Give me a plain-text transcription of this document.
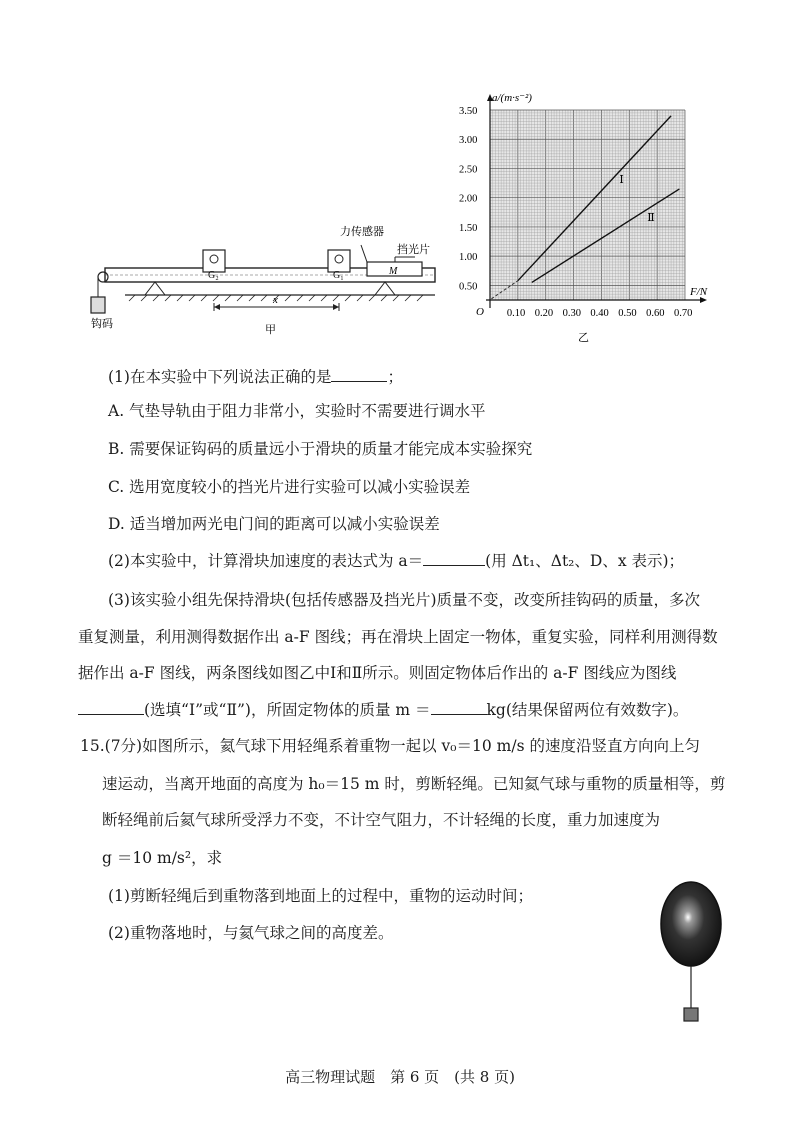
G₂	G₁	M
力传感器
挡光片
钩码
x
甲
0.10 0.20 0.30 0.40 0.50 0.60 0.70
0.50
1.00
1.50
2.00
2.50
3.00
3.50
Ⅰ
Ⅱ
a/(m·s⁻²)
F/N
O
乙
(1)在本实验中下列说法正确的是	；
A. 气垫导轨由于阻力非常小，实验时不需要进行调水平
B. 需要保证钩码的质量远小于滑块的质量才能完成本实验探究
C. 选用宽度较小的挡光片进行实验可以减小实验误差
D. 适当增加两光电门间的距离可以减小实验误差
(2)本实验中，计算滑块加速度的表达式为 a＝	(用 Δt₁、Δt₂、D、x 表示)；
(3)该实验小组先保持滑块(包括传感器及挡光片)质量不变，改变所挂钩码的质量，多次
重复测量，利用测得数据作出 a-F 图线；再在滑块上固定一物体，重复实验，同样利用测得数
据作出 a-F 图线，两条图线如图乙中Ⅰ和Ⅱ所示。则固定物体后作出的 a-F 图线应为图线
(选填“Ⅰ”或“Ⅱ”)，所固定物体的质量 m ＝	kg(结果保留两位有效数字)。
15.(7分)如图所示，氦气球下用轻绳系着重物一起以 v₀＝10 m/s 的速度沿竖直方向向上匀
速运动，当离开地面的高度为 h₀＝15 m 时，剪断轻绳。已知氦气球与重物的质量相等，剪
断轻绳前后氦气球所受浮力不变，不计空气阻力，不计轻绳的长度，重力加速度为
g ＝10 m/s²，求
(1)剪断轻绳后到重物落到地面上的过程中，重物的运动时间；
(2)重物落地时，与氦气球之间的高度差。
高三物理试题　第 6 页　(共 8 页)
